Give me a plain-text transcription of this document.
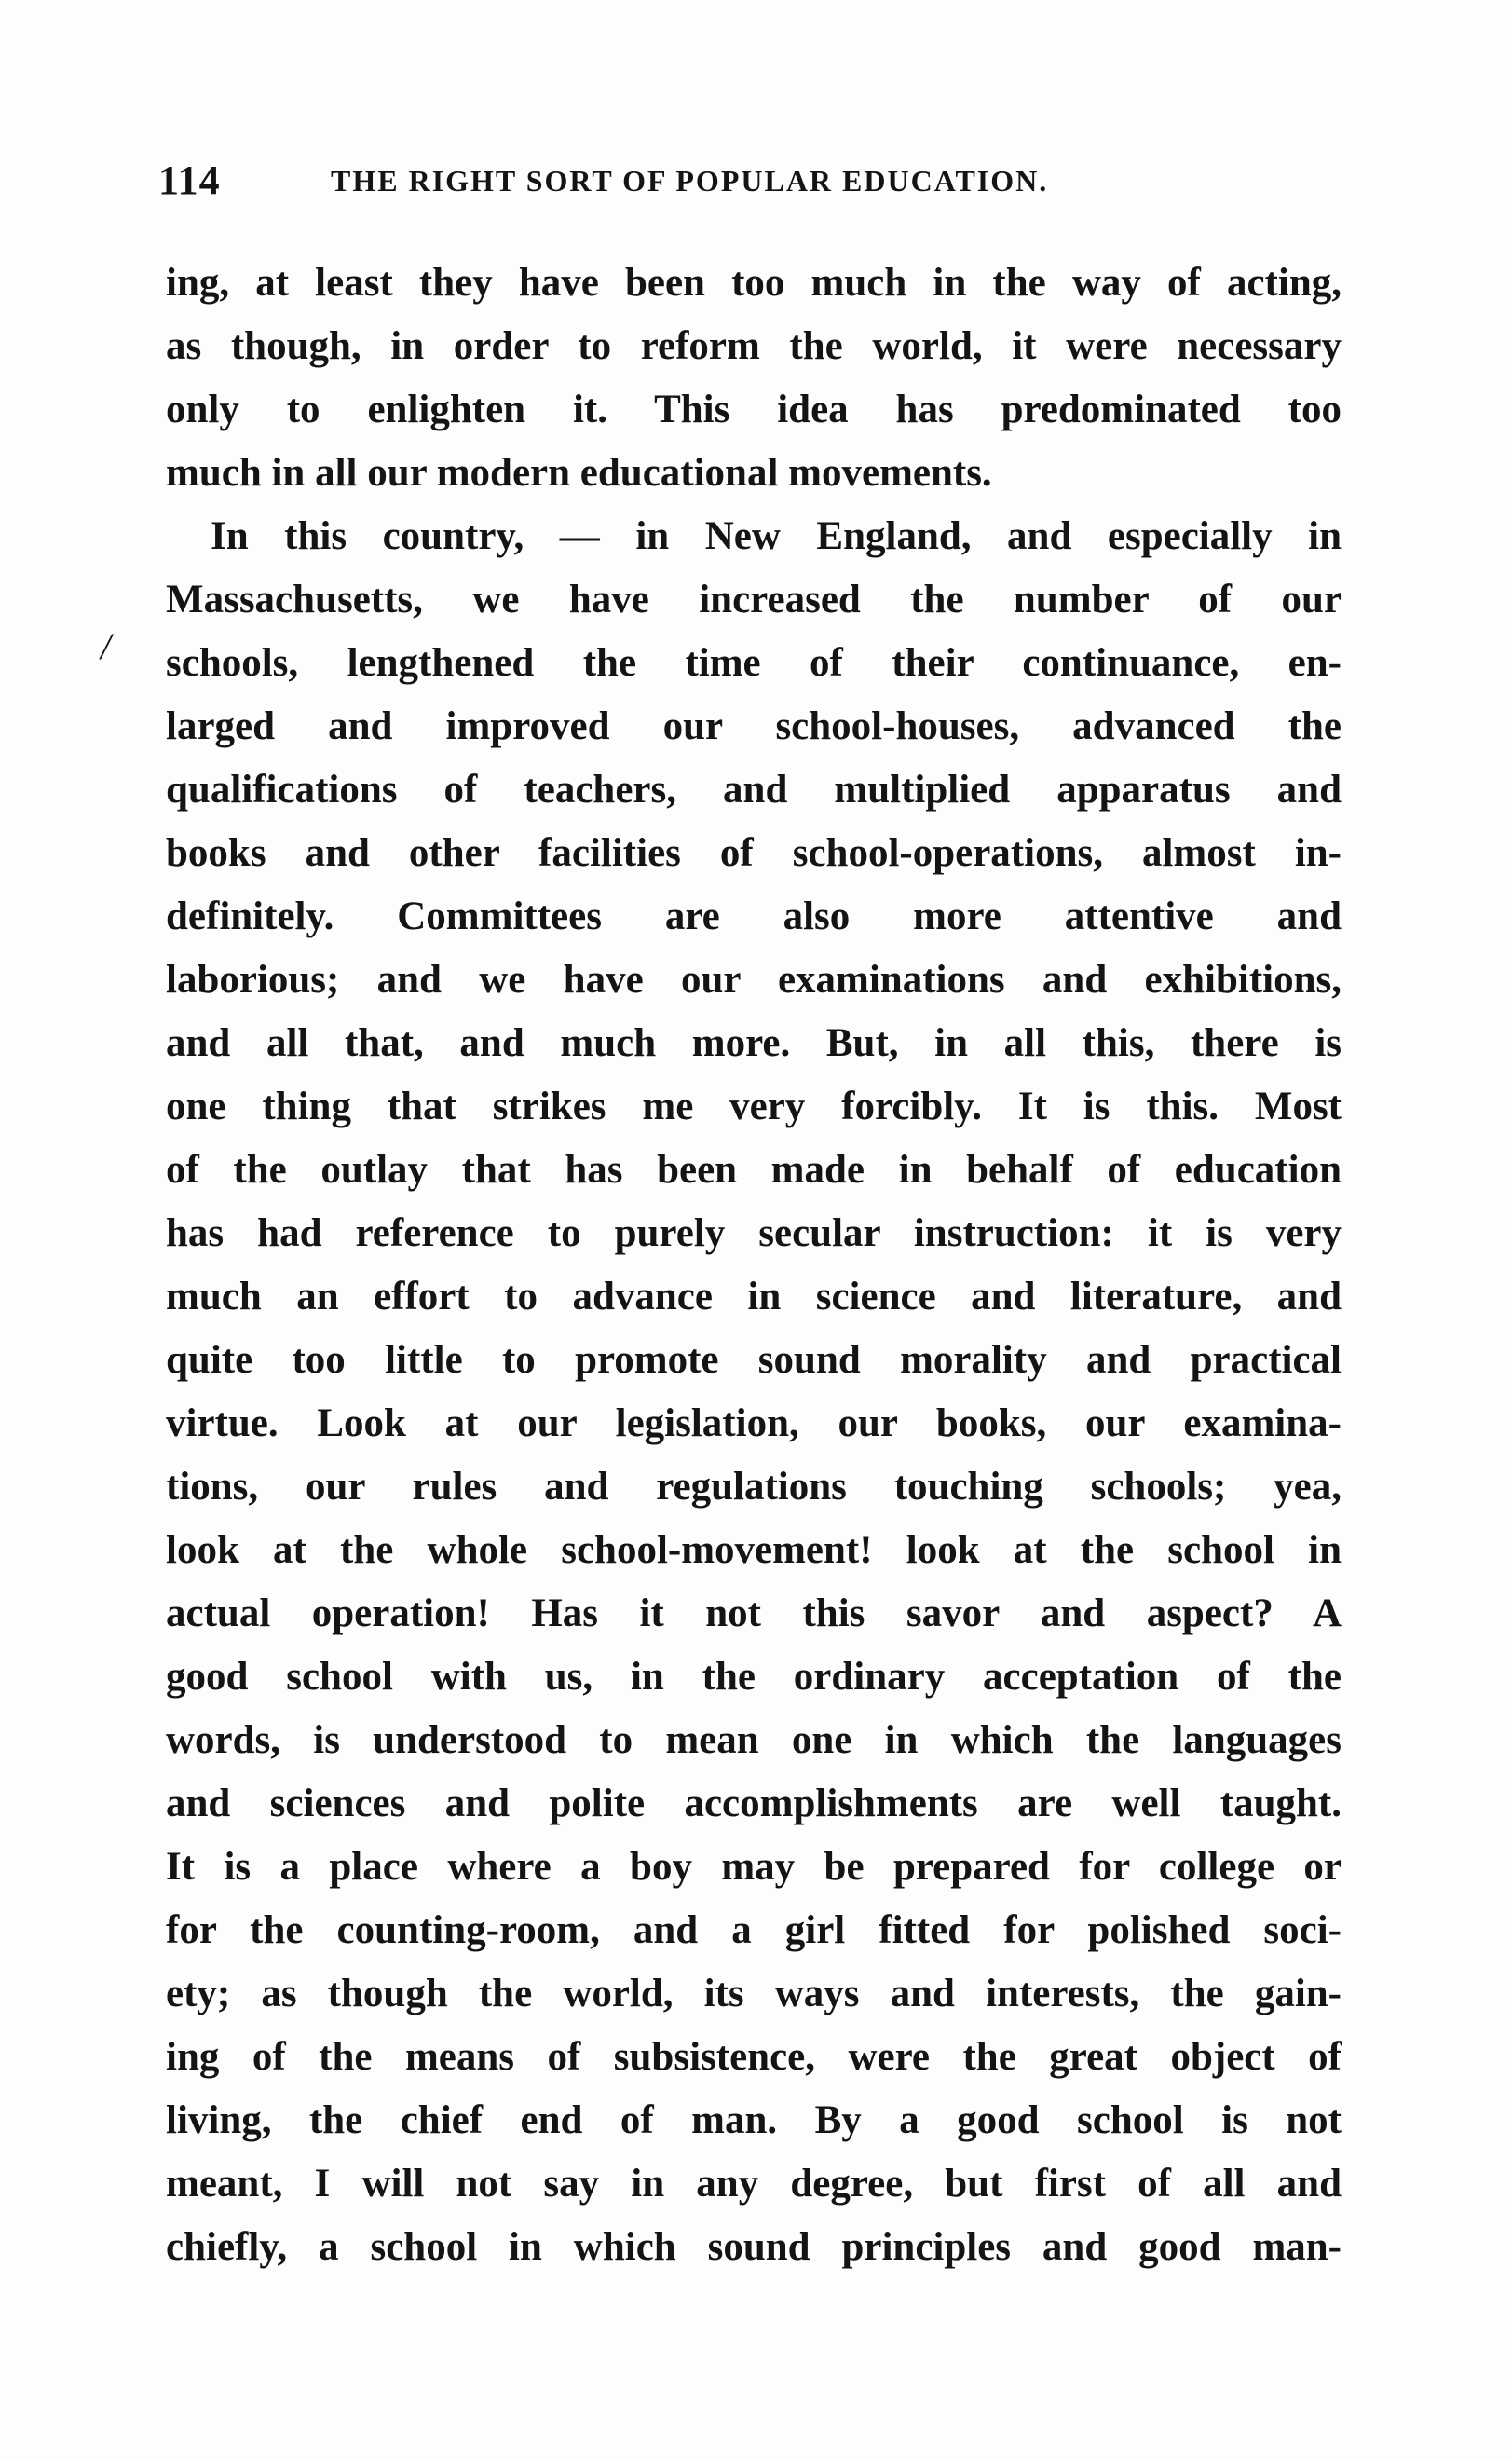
114	THE RIGHT SORT OF POPULAR EDUCATION.
/
ing, at least they have been too much in the way of acting,
as though, in order to reform the world, it were necessary
only to enlighten it. This idea has predominated too
much in all our modern educational movements.
In this country, — in New England, and especially in
Massachusetts, we have increased the number of our
schools, lengthened the time of their continuance, en-
larged and improved our school-houses, advanced the
qualifications of teachers, and multiplied apparatus and
books and other facilities of school-operations, almost in-
definitely. Committees are also more attentive and
laborious; and we have our examinations and exhibitions,
and all that, and much more. But, in all this, there is
one thing that strikes me very forcibly. It is this. Most
of the outlay that has been made in behalf of education
has had reference to purely secular instruction: it is very
much an effort to advance in science and literature, and
quite too little to promote sound morality and practical
virtue. Look at our legislation, our books, our examina-
tions, our rules and regulations touching schools; yea,
look at the whole school-movement! look at the school in
actual operation! Has it not this savor and aspect? A
good school with us, in the ordinary acceptation of the
words, is understood to mean one in which the languages
and sciences and polite accomplishments are well taught.
It is a place where a boy may be prepared for college or
for the counting-room, and a girl fitted for polished soci-
ety; as though the world, its ways and interests, the gain-
ing of the means of subsistence, were the great object of
living, the chief end of man. By a good school is not
meant, I will not say in any degree, but first of all and
chiefly, a school in which sound principles and good man-
